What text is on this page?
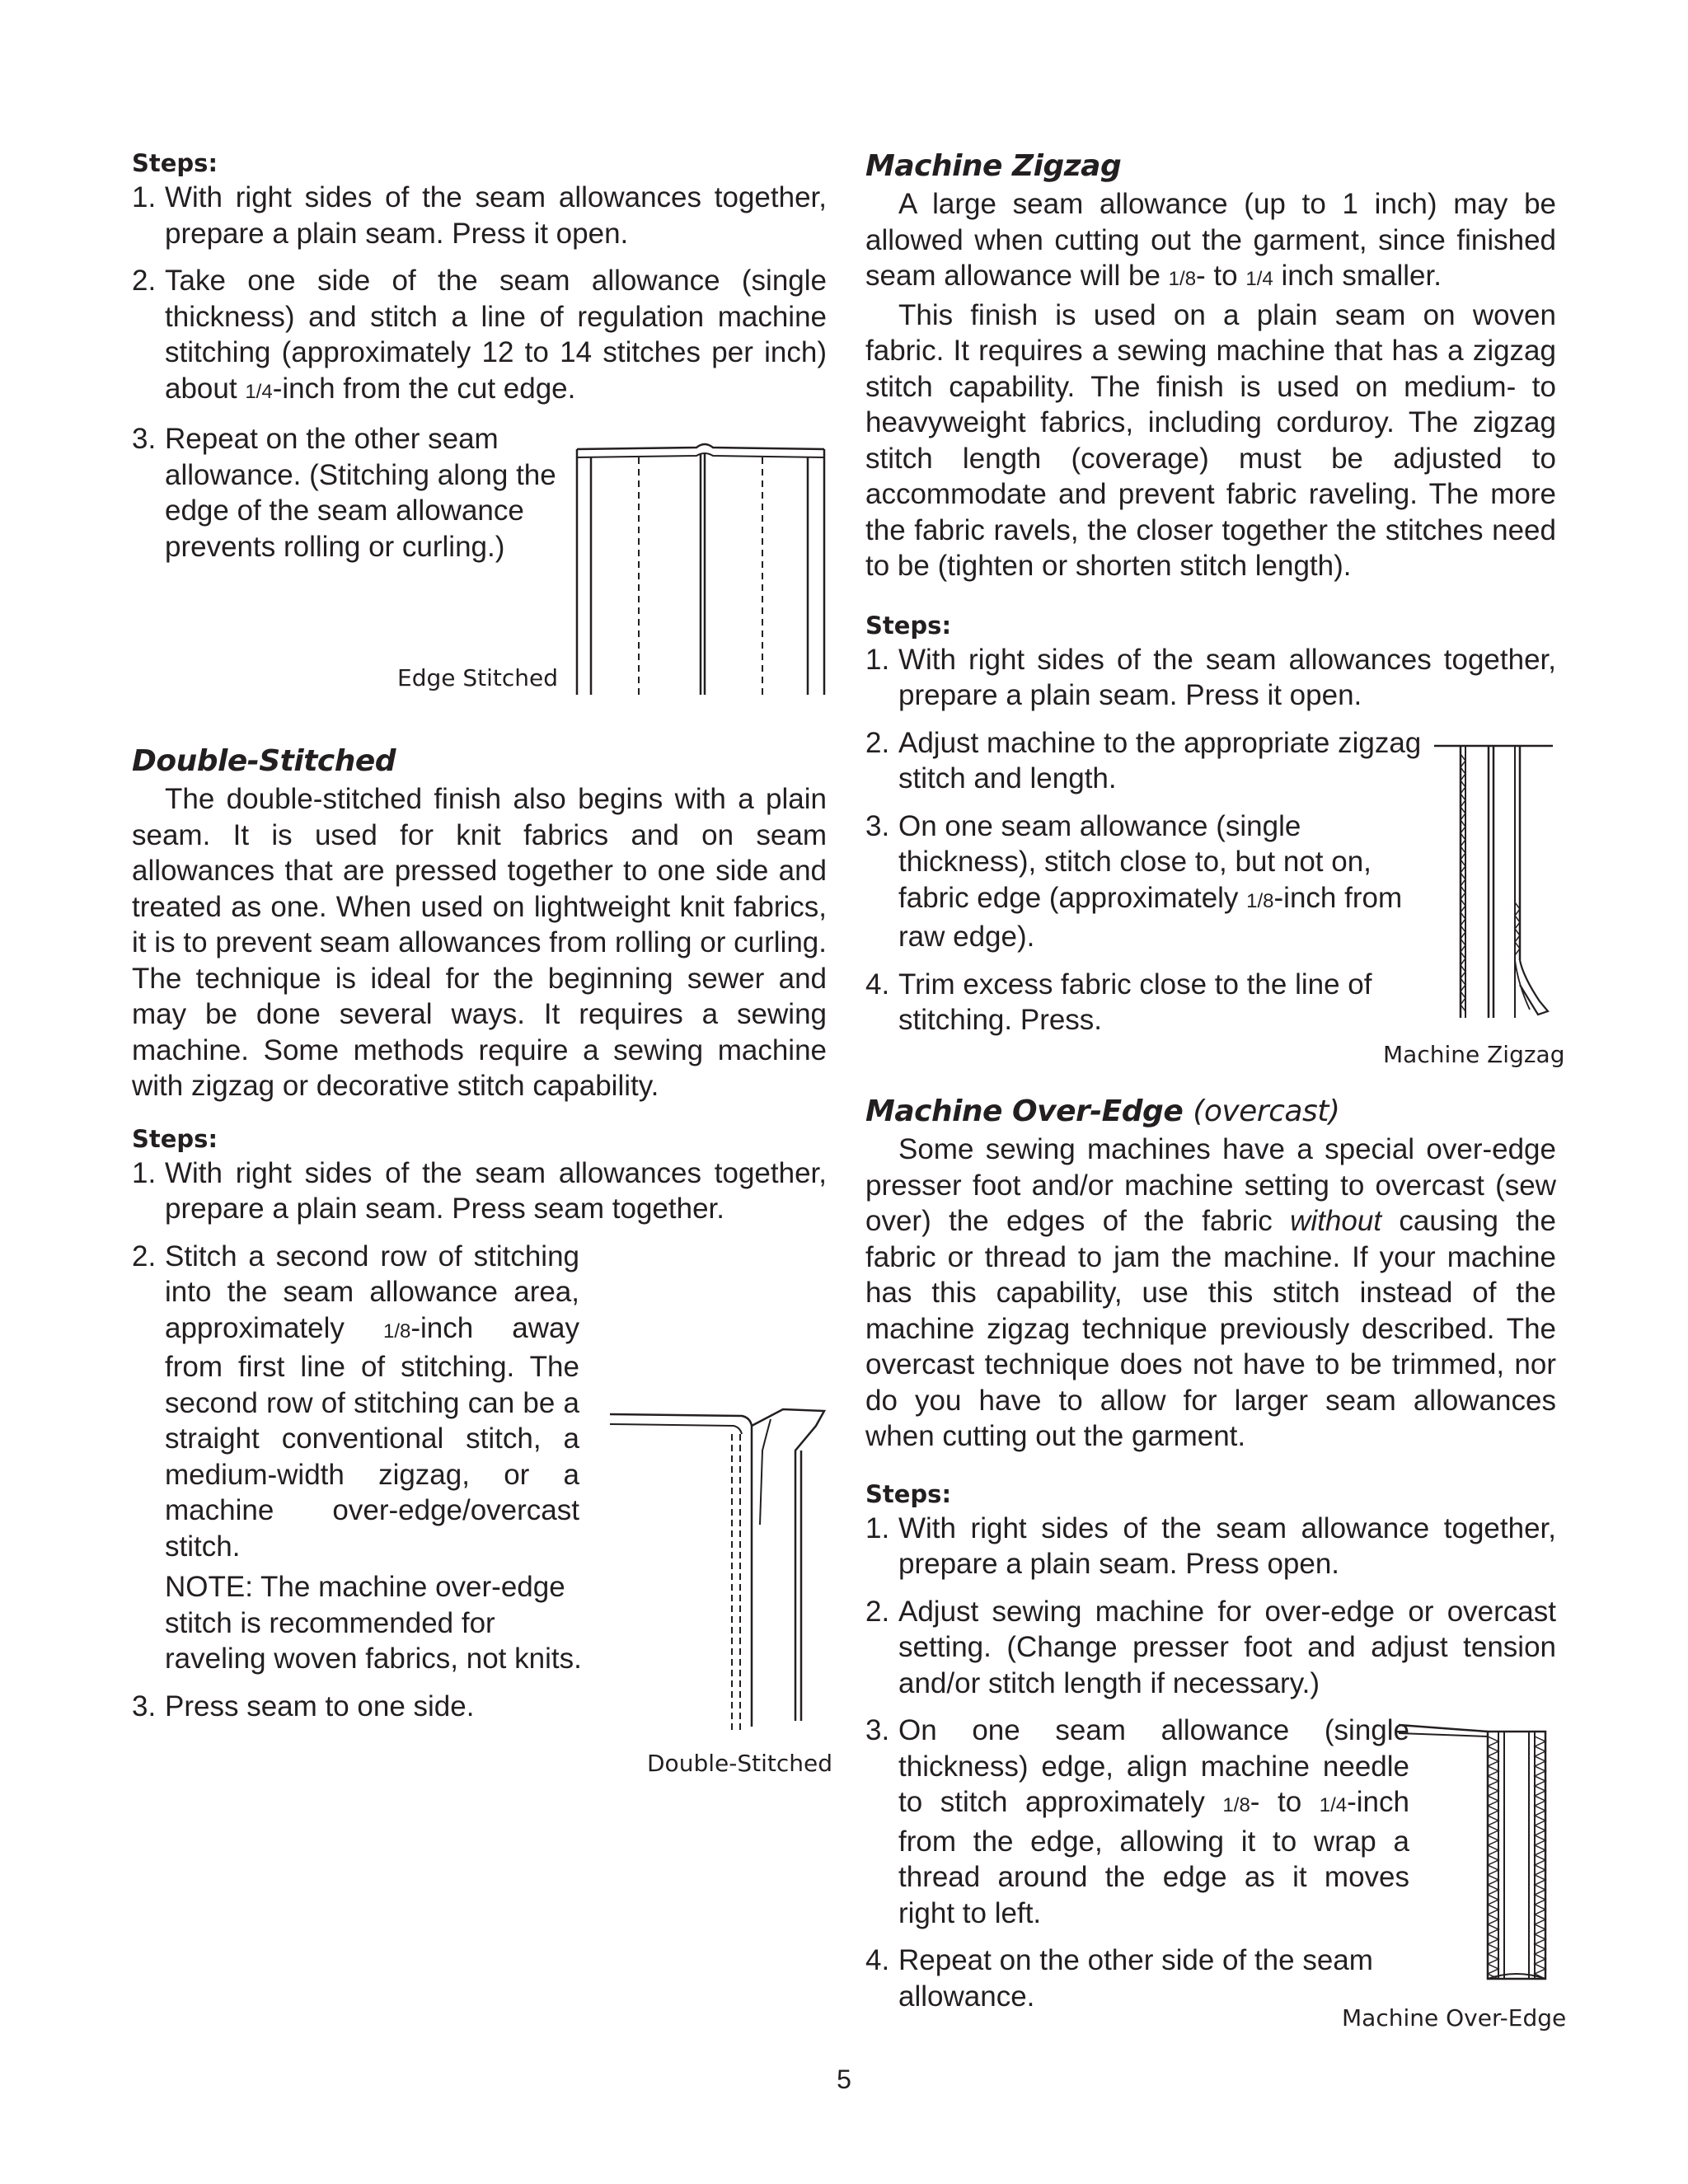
Steps:

1. With right sides of the seam allowances together, prepare a plain seam. Press it open.
2. Take one side of the seam allowance (single thickness) and stitch a line of regulation machine stitching (approximately 12 to 14 stitches per inch) about 1/4-inch from the cut edge.
3. Repeat on the other seam allowance. (Stitching along the edge of the seam allowance prevents rolling or curling.)
Edge Stitched

Double-Stitched

The double-stitched finish also begins with a plain seam. It is used for knit fabrics and on seam allowances that are pressed together to one side and treated as one. When used on lightweight knit fabrics, it is to prevent seam allowances from rolling or curling. The technique is ideal for the beginning sewer and may be done several ways. It requires a sewing machine. Some methods require a sewing machine with zigzag or decorative stitch capability.

Steps:

1. With right sides of the seam allowances together, prepare a plain seam. Press seam together.
2. Stitch a second row of stitching into the seam allowance area, approximately 1/8-inch away from first line of stitching. The second row of stitching can be a straight conventional stitch, a medium-width zigzag, or a machine over-edge/overcast stitch.

NOTE: The machine over-edge stitch is recommended for raveling woven fabrics, not knits.

3. Press seam to one side.
Double-Stitched

Machine Zigzag

A large seam allowance (up to 1 inch) may be allowed when cutting out the garment, since finished seam allowance will be 1/8- to 1/4 inch smaller.

This finish is used on a plain seam on woven fabric. It requires a sewing machine that has a zigzag stitch capability. The finish is used on medium- to heavyweight fabrics, including corduroy. The zigzag stitch length (coverage) must be adjusted to accommodate and prevent fabric raveling. The more the fabric ravels, the closer together the stitches need to be (tighten or shorten stitch length).

Steps:

1. With right sides of the seam allowances together, prepare a plain seam. Press it open.
2. Adjust machine to the appropriate zigzag stitch and length.
3. On one seam allowance (single thickness), stitch close to, but not on, fabric edge (approximately 1/8-inch from raw edge).
4. Trim excess fabric close to the line of stitching. Press.
Machine Zigzag

Machine Over-Edge (overcast)

Some sewing machines have a special over-edge presser foot and/or machine setting to overcast (sew over) the edges of the fabric without causing the fabric or thread to jam the machine. If your machine has this capability, use this stitch instead of the machine zigzag technique previously described. The overcast technique does not have to be trimmed, nor do you have to allow for larger seam allowances when cutting out the garment.

Steps:

1. With right sides of the seam allowance together, prepare a plain seam. Press open.
2. Adjust sewing machine for over-edge or overcast setting. (Change presser foot and adjust tension and/or stitch length if necessary.)
3. On one seam allowance (single thickness) edge, align machine needle to stitch approximately 1/8- to 1/4-inch from the edge, allowing it to wrap a thread around the edge as it moves right to left.
4. Repeat on the other side of the seam allowance.
Machine Over-Edge
5
